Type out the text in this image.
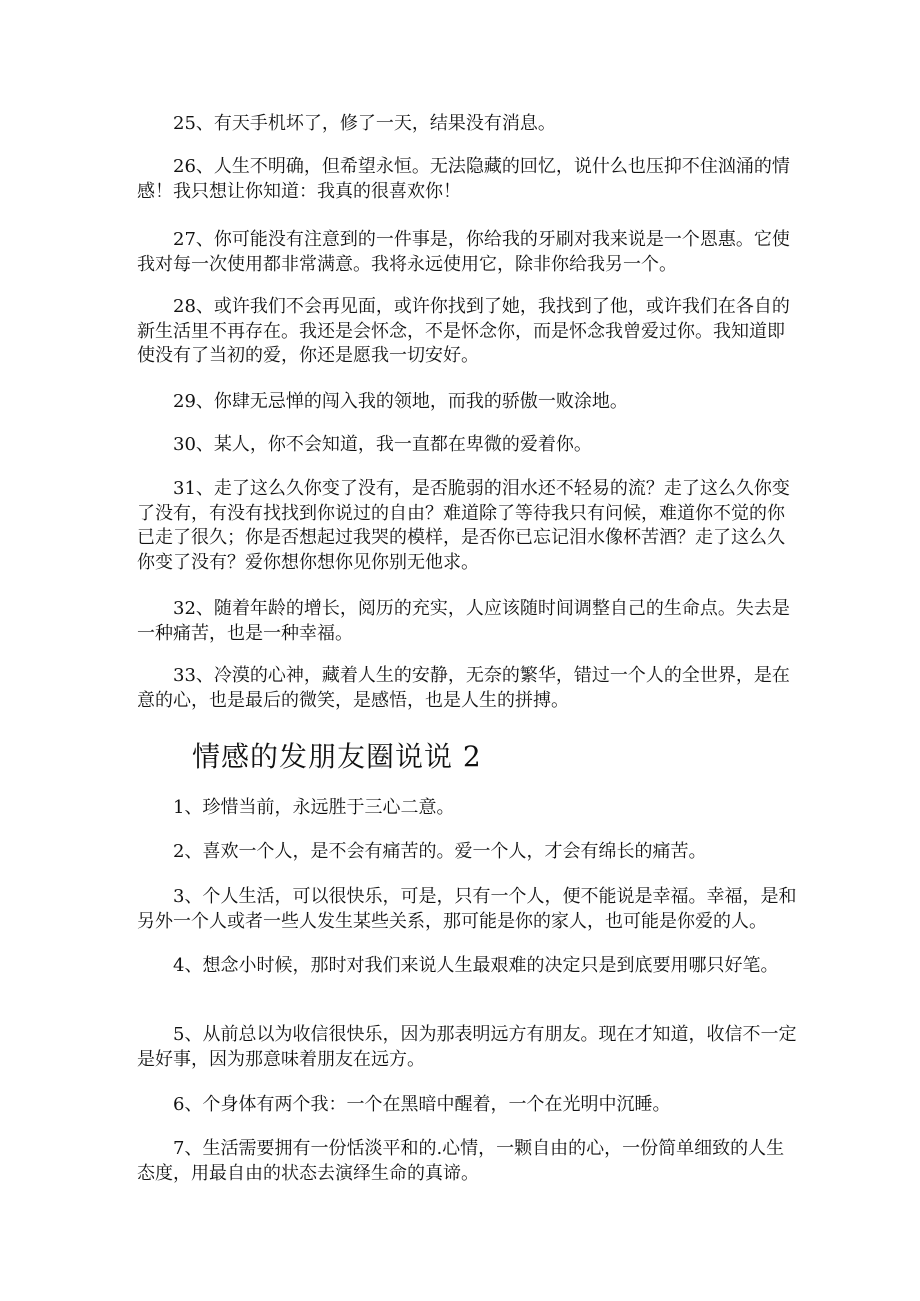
25、有天手机坏了，修了一天，结果没有消息。

26、人生不明确，但希望永恒。无法隐藏的回忆，说什么也压抑不住汹涌的情感！我只想让你知道：我真的很喜欢你！

27、你可能没有注意到的一件事是，你给我的牙刷对我来说是一个恩惠。它使我对每一次使用都非常满意。我将永远使用它，除非你给我另一个。

28、或许我们不会再见面，或许你找到了她，我找到了他，或许我们在各自的新生活里不再存在。我还是会怀念，不是怀念你，而是怀念我曾爱过你。我知道即使没有了当初的爱，你还是愿我一切安好。

29、你肆无忌惮的闯入我的领地，而我的骄傲一败涂地。

30、某人，你不会知道，我一直都在卑微的爱着你。

31、走了这么久你变了没有，是否脆弱的泪水还不轻易的流？走了这么久你变了没有，有没有找找到你说过的自由？难道除了等待我只有问候，难道你不觉的你已走了很久；你是否想起过我哭的模样，是否你已忘记泪水像杯苦酒？走了这么久你变了没有？爱你想你想你见你别无他求。

32、随着年龄的增长，阅历的充实，人应该随时间调整自己的生命点。失去是一种痛苦，也是一种幸福。

33、冷漠的心神，藏着人生的安静，无奈的繁华，错过一个人的全世界，是在意的心，也是最后的微笑，是感悟，也是人生的拼搏。

情感的发朋友圈说说 2

1、珍惜当前，永远胜于三心二意。

2、喜欢一个人，是不会有痛苦的。爱一个人，才会有绵长的痛苦。

3、个人生活，可以很快乐，可是，只有一个人，便不能说是幸福。幸福，是和另外一个人或者一些人发生某些关系，那可能是你的家人，也可能是你爱的人。

4、想念小时候，那时对我们来说人生最艰难的决定只是到底要用哪只好笔。

5、从前总以为收信很快乐，因为那表明远方有朋友。现在才知道，收信不一定是好事，因为那意味着朋友在远方。

6、个身体有两个我：一个在黑暗中醒着，一个在光明中沉睡。

7、生活需要拥有一份恬淡平和的.心情，一颗自由的心，一份简单细致的人生态度，用最自由的状态去演绎生命的真谛。
